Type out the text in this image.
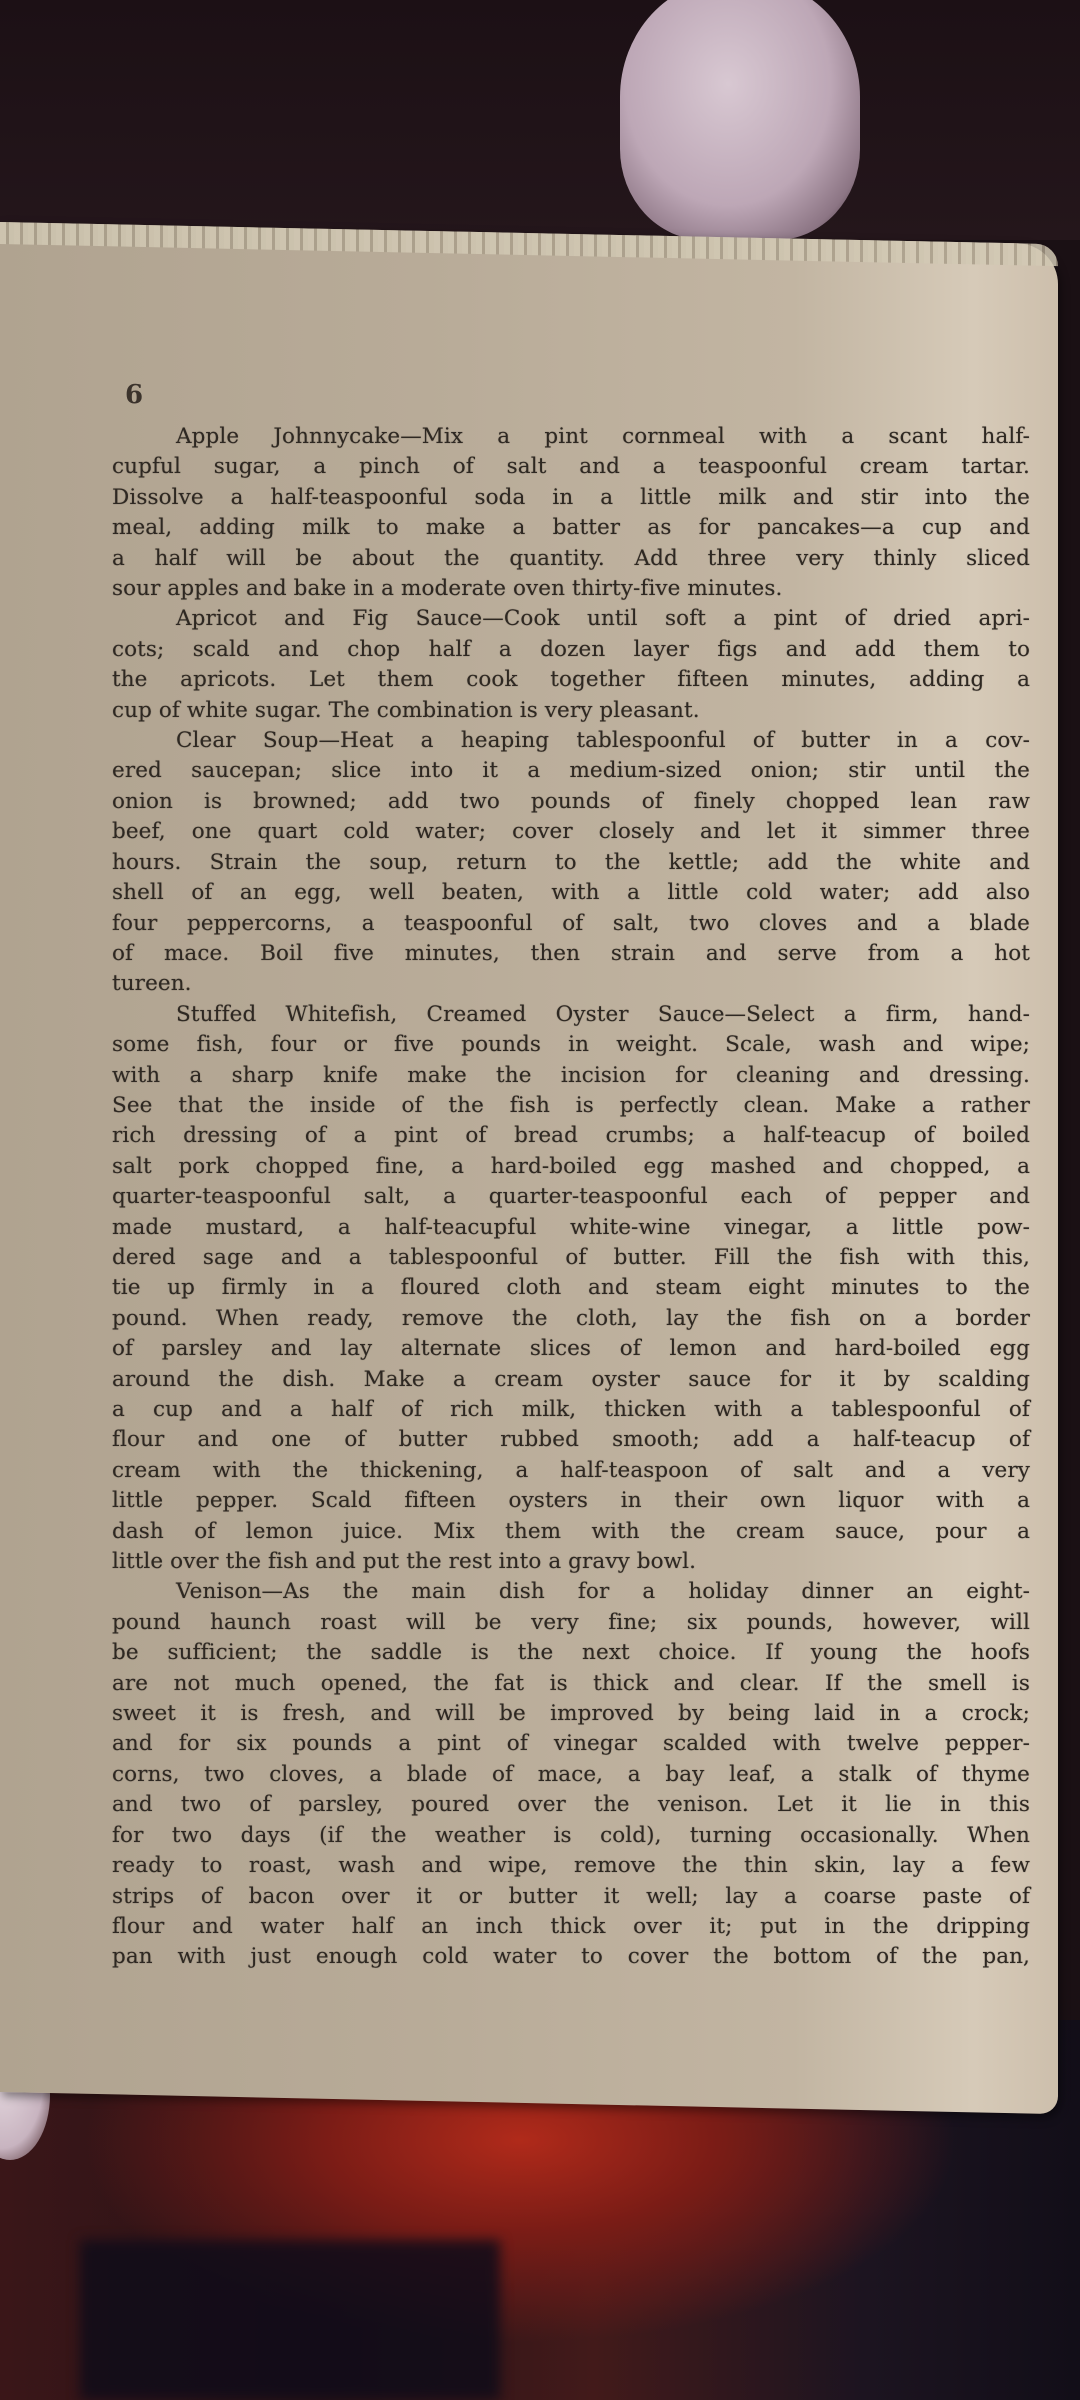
6
Apple Johnnycake—Mix a pint cornmeal with a scant half-
cupful sugar, a pinch of salt and a teaspoonful cream tartar.
Dissolve a half-teaspoonful soda in a little milk and stir into the
meal, adding milk to make a batter as for pancakes—a cup and
a half will be about the quantity. Add three very thinly sliced
sour apples and bake in a moderate oven thirty-five minutes.
Apricot and Fig Sauce—Cook until soft a pint of dried apri-
cots; scald and chop half a dozen layer figs and add them to
the apricots. Let them cook together fifteen minutes, adding a
cup of white sugar. The combination is very pleasant.
Clear Soup—Heat a heaping tablespoonful of butter in a cov-
ered saucepan; slice into it a medium-sized onion; stir until the
onion is browned; add two pounds of finely chopped lean raw
beef, one quart cold water; cover closely and let it simmer three
hours. Strain the soup, return to the kettle; add the white and
shell of an egg, well beaten, with a little cold water; add also
four peppercorns, a teaspoonful of salt, two cloves and a blade
of mace. Boil five minutes, then strain and serve from a hot
tureen.
Stuffed Whitefish, Creamed Oyster Sauce—Select a firm, hand-
some fish, four or five pounds in weight. Scale, wash and wipe;
with a sharp knife make the incision for cleaning and dressing.
See that the inside of the fish is perfectly clean. Make a rather
rich dressing of a pint of bread crumbs; a half-teacup of boiled
salt pork chopped fine, a hard-boiled egg mashed and chopped, a
quarter-teaspoonful salt, a quarter-teaspoonful each of pepper and
made mustard, a half-teacupful white-wine vinegar, a little pow-
dered sage and a tablespoonful of butter. Fill the fish with this,
tie up firmly in a floured cloth and steam eight minutes to the
pound. When ready, remove the cloth, lay the fish on a border
of parsley and lay alternate slices of lemon and hard-boiled egg
around the dish. Make a cream oyster sauce for it by scalding
a cup and a half of rich milk, thicken with a tablespoonful of
flour and one of butter rubbed smooth; add a half-teacup of
cream with the thickening, a half-teaspoon of salt and a very
little pepper. Scald fifteen oysters in their own liquor with a
dash of lemon juice. Mix them with the cream sauce, pour a
little over the fish and put the rest into a gravy bowl.
Venison—As the main dish for a holiday dinner an eight-
pound haunch roast will be very fine; six pounds, however, will
be sufficient; the saddle is the next choice. If young the hoofs
are not much opened, the fat is thick and clear. If the smell is
sweet it is fresh, and will be improved by being laid in a crock;
and for six pounds a pint of vinegar scalded with twelve pepper-
corns, two cloves, a blade of mace, a bay leaf, a stalk of thyme
and two of parsley, poured over the venison. Let it lie in this
for two days (if the weather is cold), turning occasionally. When
ready to roast, wash and wipe, remove the thin skin, lay a few
strips of bacon over it or butter it well; lay a coarse paste of
flour and water half an inch thick over it; put in the dripping
pan with just enough cold water to cover the bottom of the pan,
